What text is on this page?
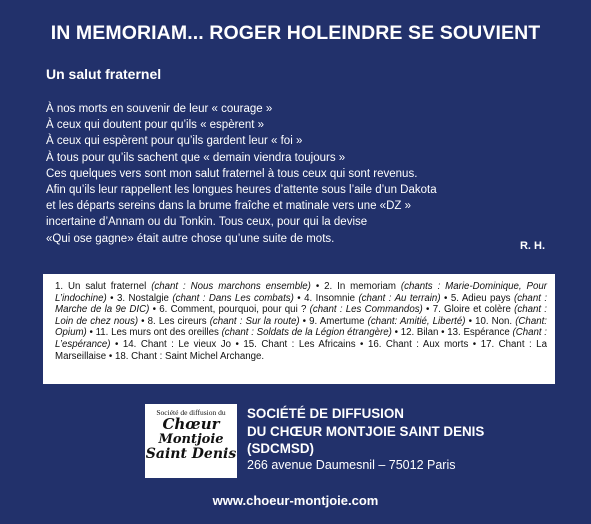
IN MEMORIAM... ROGER HOLEINDRE SE SOUVIENT
Un salut fraternel
À nos morts en souvenir de leur « courage »
À ceux qui doutent pour qu’ils « espèrent »
À ceux qui espèrent pour qu’ils gardent leur « foi »
À tous pour qu’ils sachent que « demain viendra toujours »
Ces quelques vers sont mon salut fraternel à tous ceux qui sont revenus.
Afin qu’ils leur rappellent les longues heures d’attente sous l’aile d’un Dakota
et les départs sereins dans la brume fraîche et matinale vers une «DZ »
incertaine d’Annam ou du Tonkin. Tous ceux, pour qui la devise
«Qui ose gagne» était autre chose qu’une suite de mots.
R. H.
1. Un salut fraternel (chant : Nous marchons ensemble) • 2. In memoriam (chants : Marie-Dominique, Pour L’indochine) • 3. Nostalgie (chant : Dans Les combats) • 4. Insomnie (chant : Au terrain) • 5. Adieu pays (chant : Marche de la 9e DIC) • 6. Comment, pourquoi, pour qui ? (chant : Les Commandos) • 7. Gloire et colère (chant : Loin de chez nous) • 8. Les cireurs (chant : Sur la route) • 9. Amertume (chant: Amitié, Liberté) • 10. Non. (Chant: Opium) • 11. Les murs ont des oreilles (chant : Soldats de la Légion étrangère) • 12. Bilan • 13. Espérance (Chant : L’espérance) • 14. Chant : Le vieux Jo • 15. Chant : Les Africains • 16. Chant : Aux morts • 17. Chant : La Marseillaise • 18. Chant : Saint Michel Archange.
Société de diffusion du
Chœur
Montjoie
Saint Denis
SOCIÉTÉ DE DIFFUSION
DU CHŒUR MONTJOIE SAINT DENIS
(SDCMSD)
266 avenue Daumesnil – 75012 Paris
www.choeur-montjoie.com
